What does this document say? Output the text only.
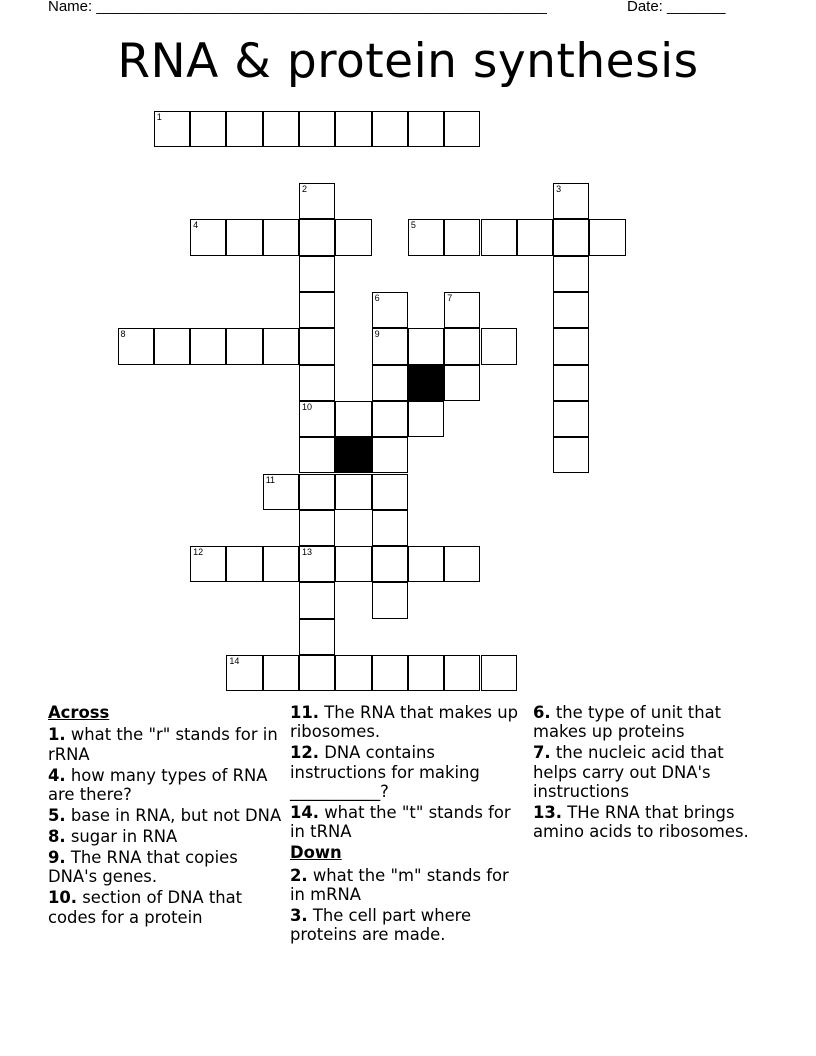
Name: ______________________________________________________	Date: _______
RNA & protein synthesis
1
2
10
3
4	5
6
9
7
8
11
12	13
14
Across
1. what the "r" stands for in rRNA
4. how many types of RNA are there?
5. base in RNA, but not DNA
8. sugar in RNA
9. The RNA that copies DNA's genes.
10. section of DNA that codes for a protein
11. The RNA that makes up ribosomes.
12. DNA contains instructions for making ___________?
14. what the "t" stands for in tRNA
Down
2. what the "m" stands for in mRNA
3. The cell part where proteins are made.
6. the type of unit that makes up proteins
7. the nucleic acid that helps carry out DNA's instructions
13. THe RNA that brings amino acids to ribosomes.
